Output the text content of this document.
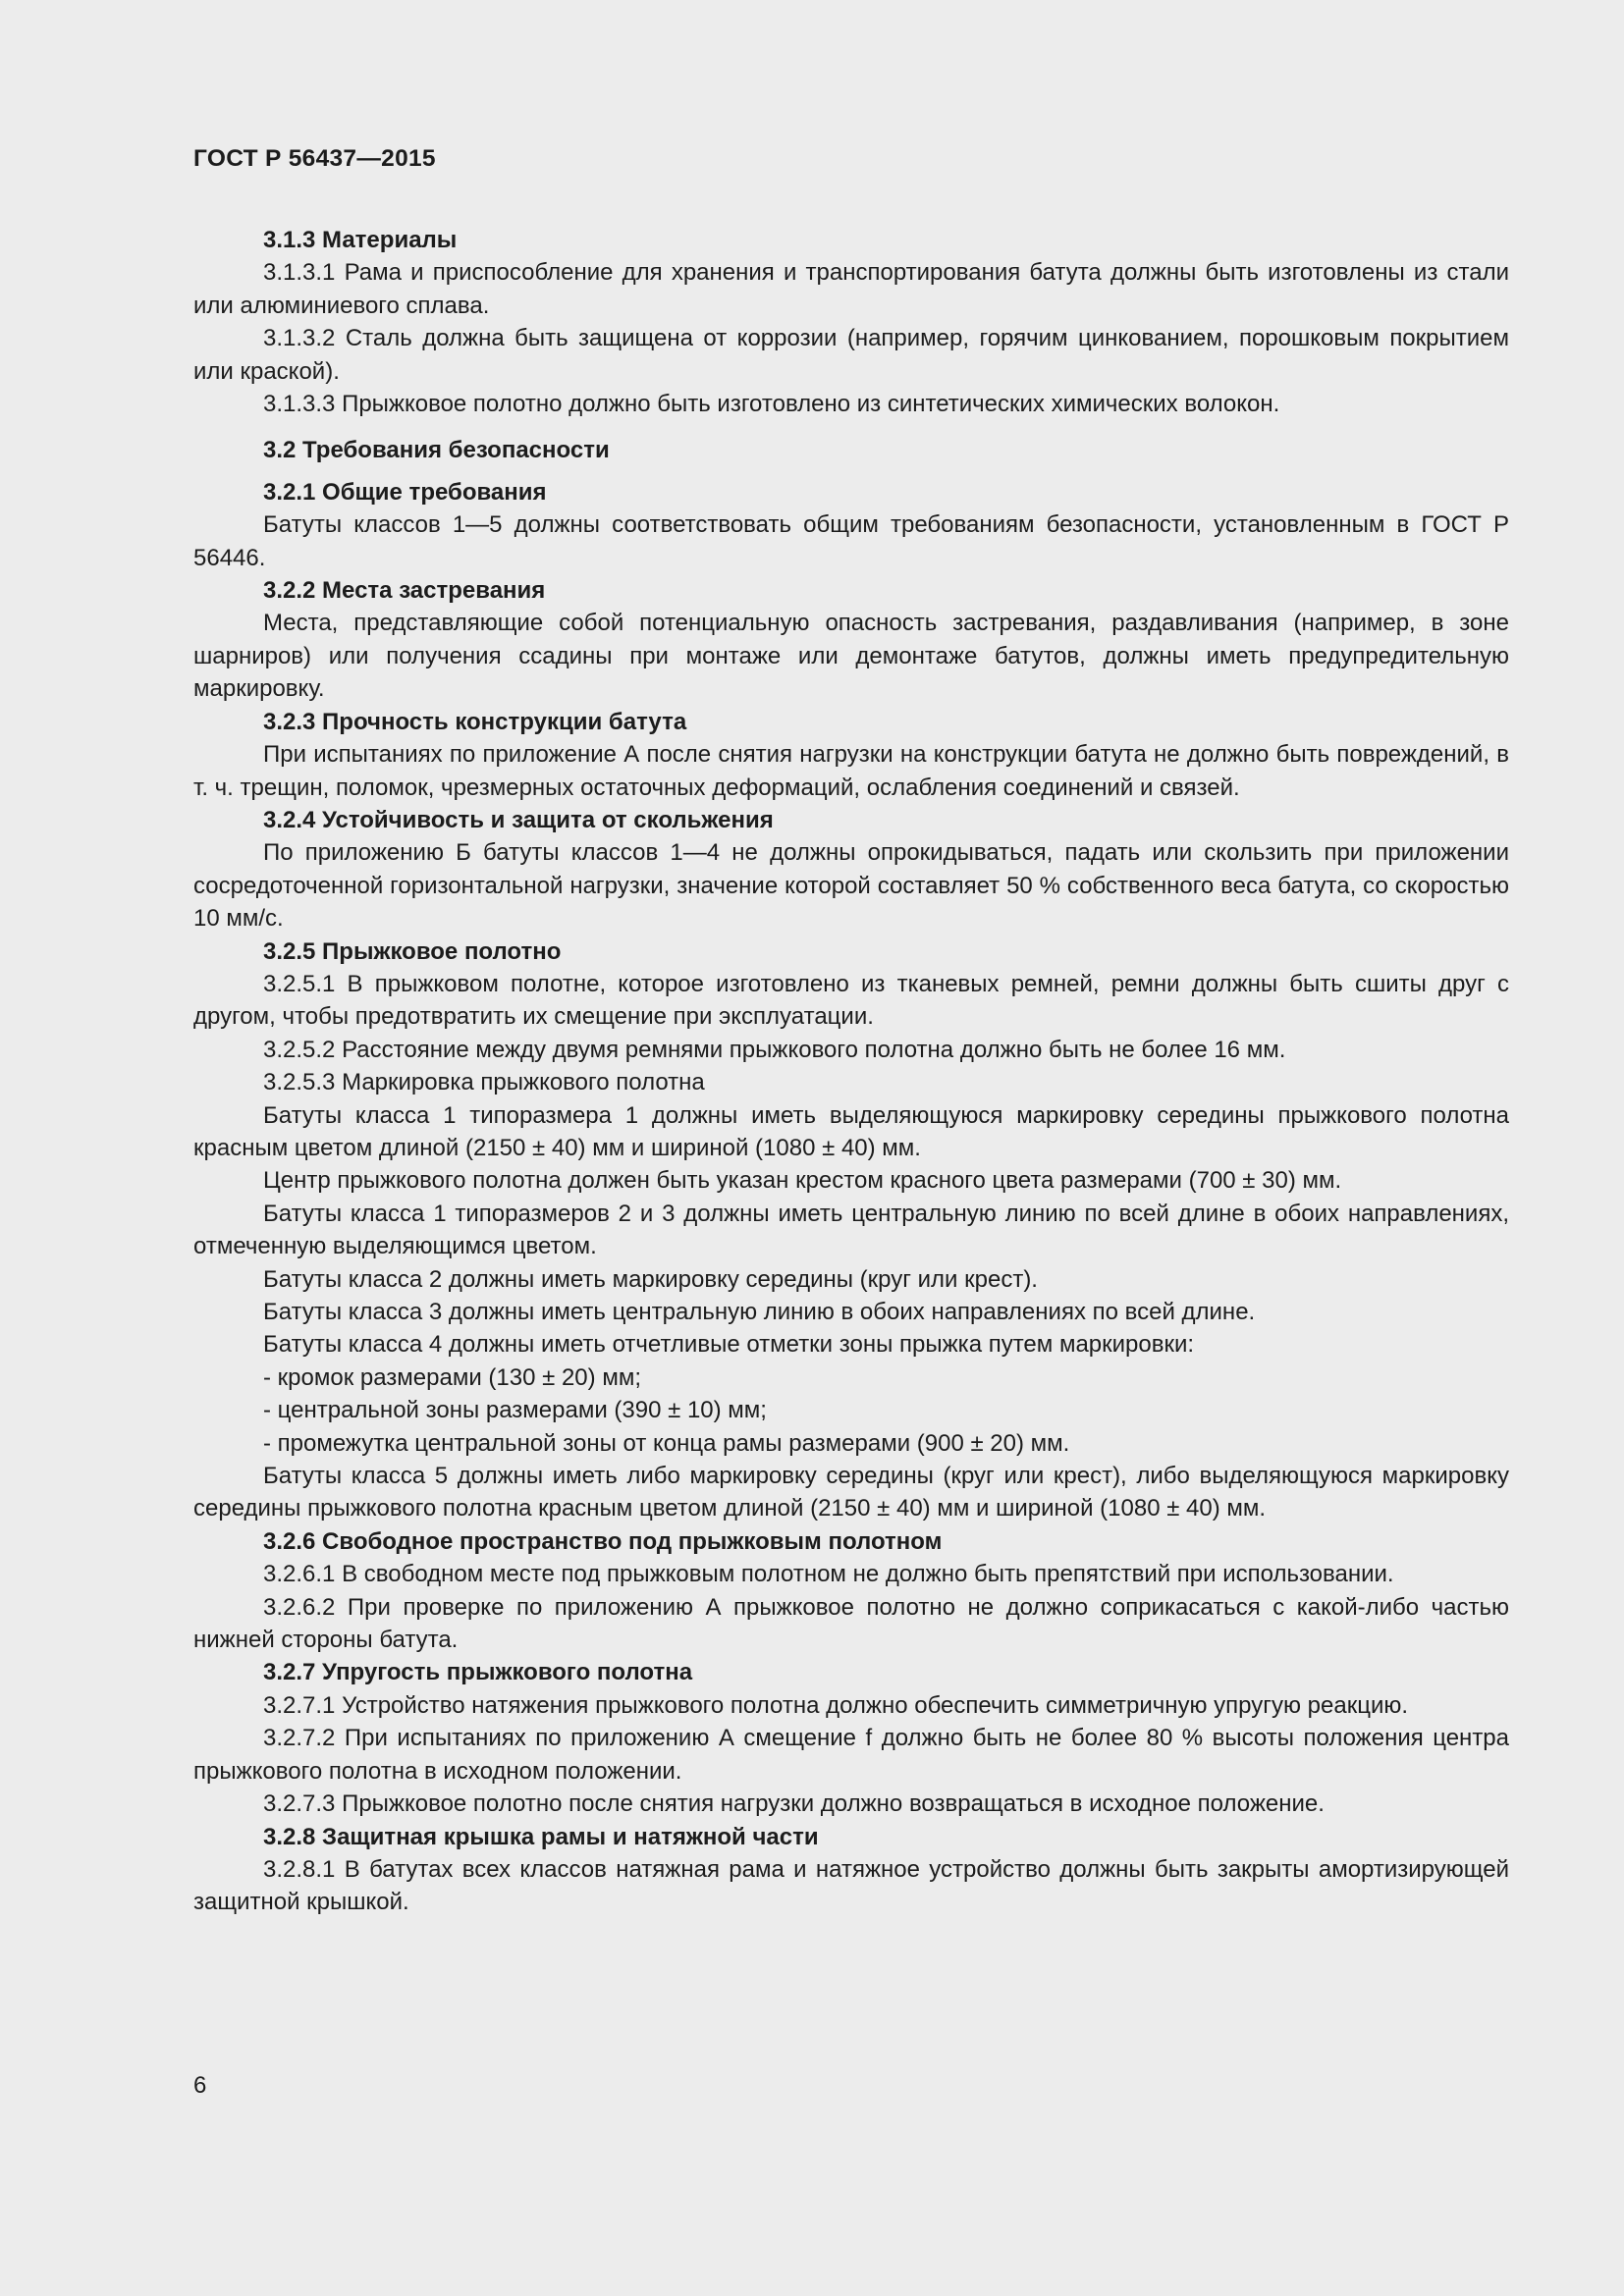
ГОСТ Р 56437—2015

3.1.3 Материалы

3.1.3.1 Рама и приспособление для хранения и транспортирования батута должны быть изготовлены из стали или алюминиевого сплава.

3.1.3.2 Сталь должна быть защищена от коррозии (например, горячим цинкованием, порошковым покрытием или краской).

3.1.3.3 Прыжковое полотно должно быть изготовлено из синтетических химических волокон.

3.2 Требования безопасности

3.2.1 Общие требования

Батуты классов 1—5 должны соответствовать общим требованиям безопасности, установленным в ГОСТ Р 56446.

3.2.2 Места застревания

Места, представляющие собой потенциальную опасность застревания, раздавливания (например, в зоне шарниров) или получения ссадины при монтаже или демонтаже батутов, должны иметь предупредительную маркировку.

3.2.3 Прочность конструкции батута

При испытаниях по приложение А после снятия нагрузки на конструкции батута не должно быть повреждений, в т. ч. трещин, поломок, чрезмерных остаточных деформаций, ослабления соединений и связей.

3.2.4 Устойчивость и защита от скольжения

По приложению Б батуты классов 1—4 не должны опрокидываться, падать или скользить при приложении сосредоточенной горизонтальной нагрузки, значение которой составляет 50 % собственного веса батута, со скоростью 10 мм/с.

3.2.5 Прыжковое полотно

3.2.5.1 В прыжковом полотне, которое изготовлено из тканевых ремней, ремни должны быть сшиты друг с другом, чтобы предотвратить их смещение при эксплуатации.

3.2.5.2 Расстояние между двумя ремнями прыжкового полотна должно быть не более 16 мм.

3.2.5.3 Маркировка прыжкового полотна

Батуты класса 1 типоразмера 1 должны иметь выделяющуюся маркировку середины прыжкового полотна красным цветом длиной (2150 ± 40) мм и шириной (1080 ± 40) мм.

Центр прыжкового полотна должен быть указан крестом красного цвета размерами (700 ± 30) мм.

Батуты класса 1 типоразмеров 2 и 3 должны иметь центральную линию по всей длине в обоих направлениях, отмеченную выделяющимся цветом.

Батуты класса 2 должны иметь маркировку середины (круг или крест).

Батуты класса 3 должны иметь центральную линию в обоих направлениях по всей длине.

Батуты класса 4 должны иметь отчетливые отметки зоны прыжка путем маркировки:

- кромок размерами (130 ± 20) мм;

- центральной зоны размерами (390 ± 10) мм;

- промежутка центральной зоны от конца рамы размерами (900 ± 20) мм.

Батуты класса 5 должны иметь либо маркировку середины (круг или крест), либо выделяющуюся маркировку середины прыжкового полотна красным цветом длиной (2150 ± 40) мм и шириной (1080 ± 40) мм.

3.2.6 Свободное пространство под прыжковым полотном

3.2.6.1 В свободном месте под прыжковым полотном не должно быть препятствий при использовании.

3.2.6.2 При проверке по приложению А прыжковое полотно не должно соприкасаться с какой-либо частью нижней стороны батута.

3.2.7 Упругость прыжкового полотна

3.2.7.1 Устройство натяжения прыжкового полотна должно обеспечить симметричную упругую реакцию.

3.2.7.2 При испытаниях по приложению А смещение f должно быть не более 80 % высоты положения центра прыжкового полотна в исходном положении.

3.2.7.3 Прыжковое полотно после снятия нагрузки должно возвращаться в исходное положение.

3.2.8 Защитная крышка рамы и натяжной части

3.2.8.1 В батутах всех классов натяжная рама и натяжное устройство должны быть закрыты амортизирующей защитной крышкой.

6
